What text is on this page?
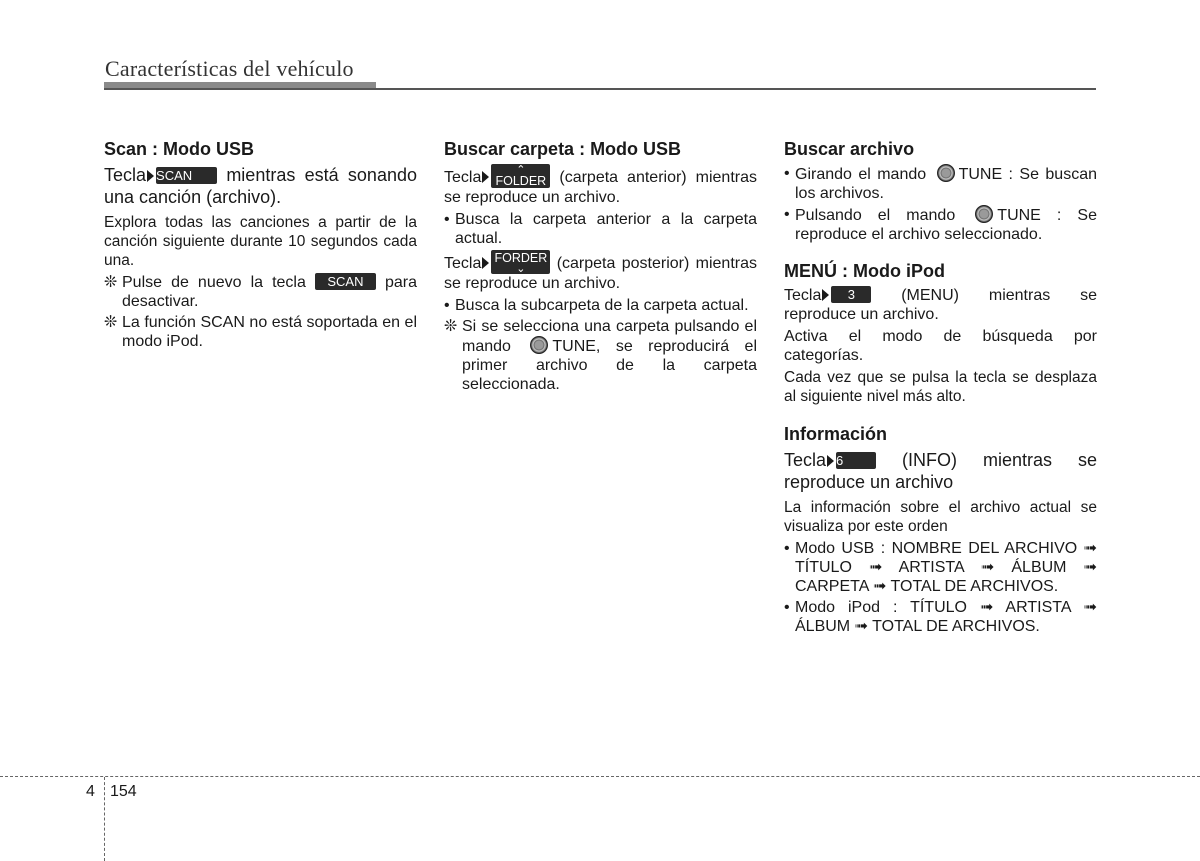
Características del vehículo
Scan : Modo USB
Tecla SCAN mientras está sonando una canción (archivo).
Explora todas las canciones a partir de la canción siguiente durante 10 segundos cada una.
❊ Pulse de nuevo la tecla SCAN para desactivar.
❊ La función SCAN no está soportada en el modo iPod.
Buscar carpeta : Modo USB
Tecla	⌃
FOLDER (carpeta anterior) mientras se reproduce un archivo.
• Busca la carpeta anterior a la carpeta actual.
Tecla FORDER
⌄	(carpeta posterior) mientras se reproduce un archivo.
• Busca la subcarpeta de la carpeta actual.
❊ Si se selecciona una carpeta pulsando el mando TUNE, se reproducirá el primer archivo de la carpeta seleccionada.
Buscar archivo
• Girando el mando TUNE : Se buscan los archivos.
• Pulsando el mando TUNE : Se reproduce el archivo seleccionado.
MENÚ : Modo iPod
Tecla 3 (MENU) mientras se reproduce un archivo.
Activa el modo de búsqueda por categorías.
Cada vez que se pulsa la tecla se desplaza al siguiente nivel más alto.
Información
Tecla 6 (INFO) mientras se reproduce un archivo
La información sobre el archivo actual se visualiza por este orden
• Modo USB : NOMBRE DEL ARCHIVO ➟ TÍTULO ➟ ARTISTA ➟ ÁLBUM ➟ CARPETA ➟ TOTAL DE ARCHIVOS.
• Modo iPod : TÍTULO ➟ ARTISTA ➟ ÁLBUM ➟ TOTAL DE ARCHIVOS.
4 154
